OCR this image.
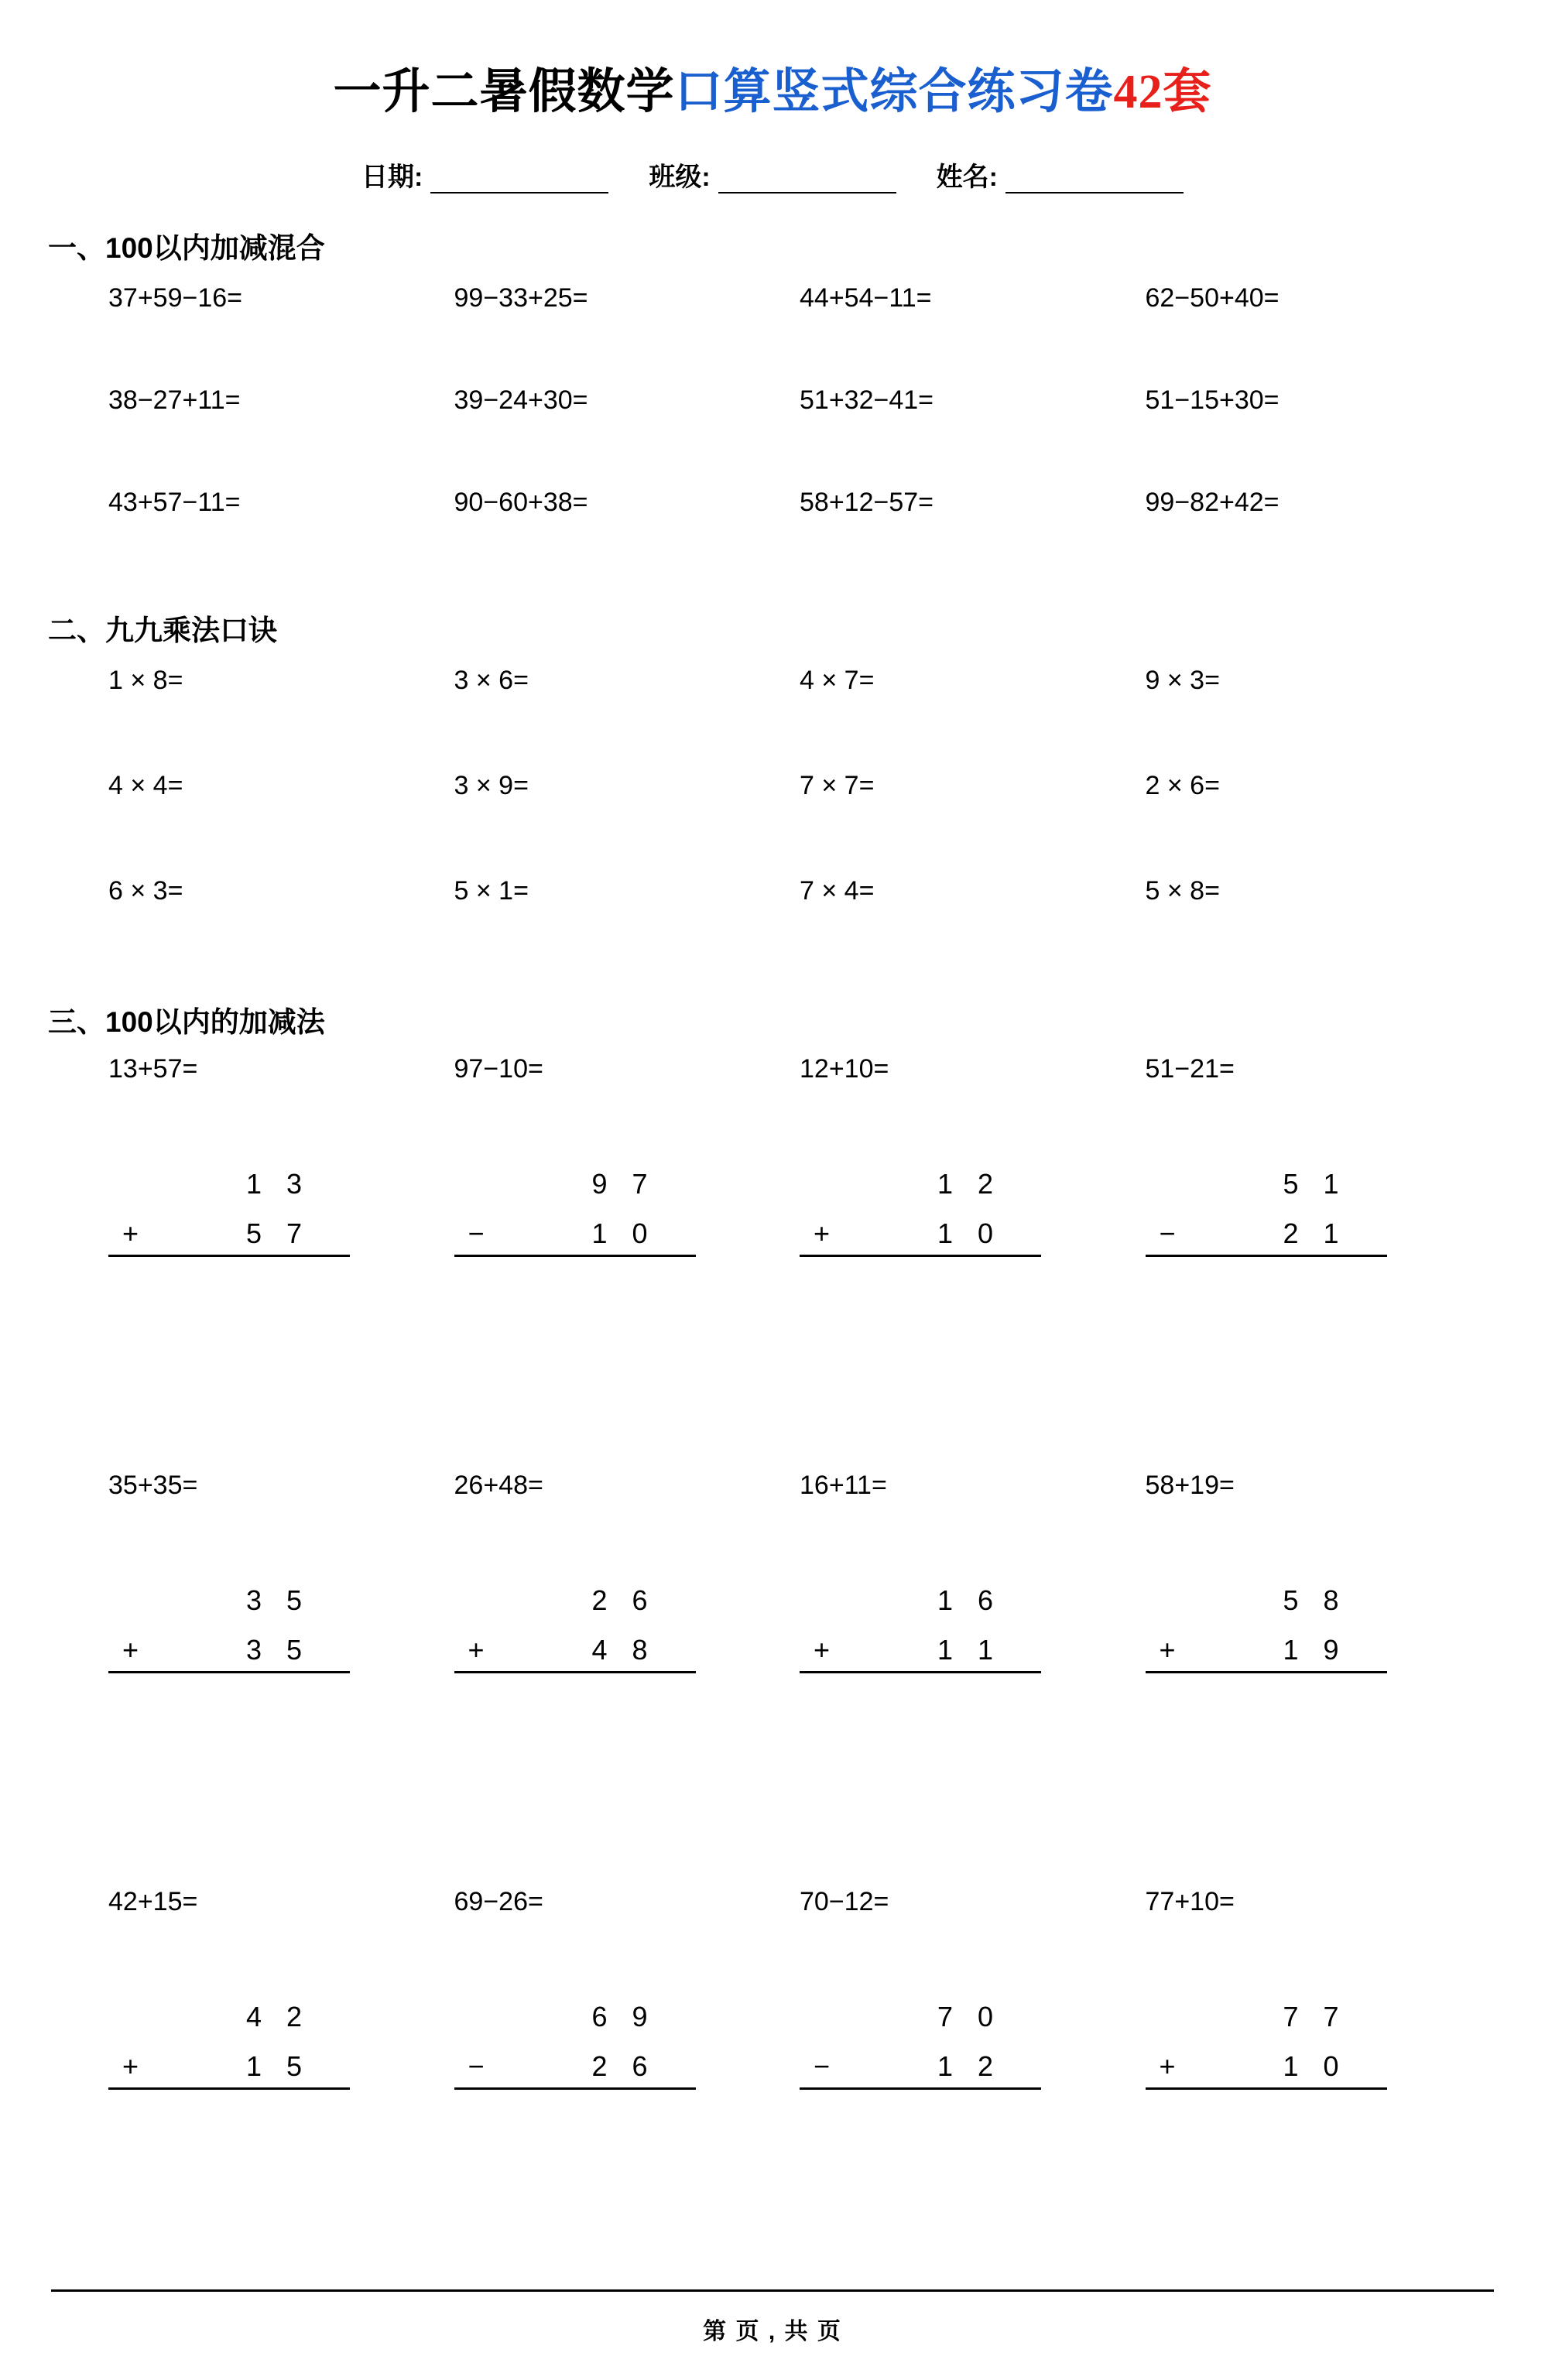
一升二暑假数学口算竖式综合练习卷42套
日期:	班级:	姓名:
一、100以内加减混合
37+59−16=	99−33+25=	44+54−11=	62−50+40=
38−27+11=	39−24+30=	51+32−41=	51−15+30=
43+57−11=	90−60+38=	58+12−57=	99−82+42=
二、九九乘法口诀
1 × 8=	3 × 6=	4 × 7=	9 × 3=
4 × 4=	3 × 9=	7 × 7=	2 × 6=
6 × 3=	5 × 1=	7 × 4=	5 × 8=
三、100以内的加减法
13+57=
1 3
+	5 7
97−10=
9 7
−	1 0
12+10=
1 2
+	1 0
51−21=
5 1
−	2 1
35+35=
3 5
+	3 5
26+48=
2 6
+	4 8
16+11=
1 6
+	1 1
58+19=
5 8
+	1 9
42+15=
4 2
+	1 5
69−26=
6 9
−	2 6
70−12=
7 0
−	1 2
77+10=
7 7
+	1 0
第 页 , 共 页
